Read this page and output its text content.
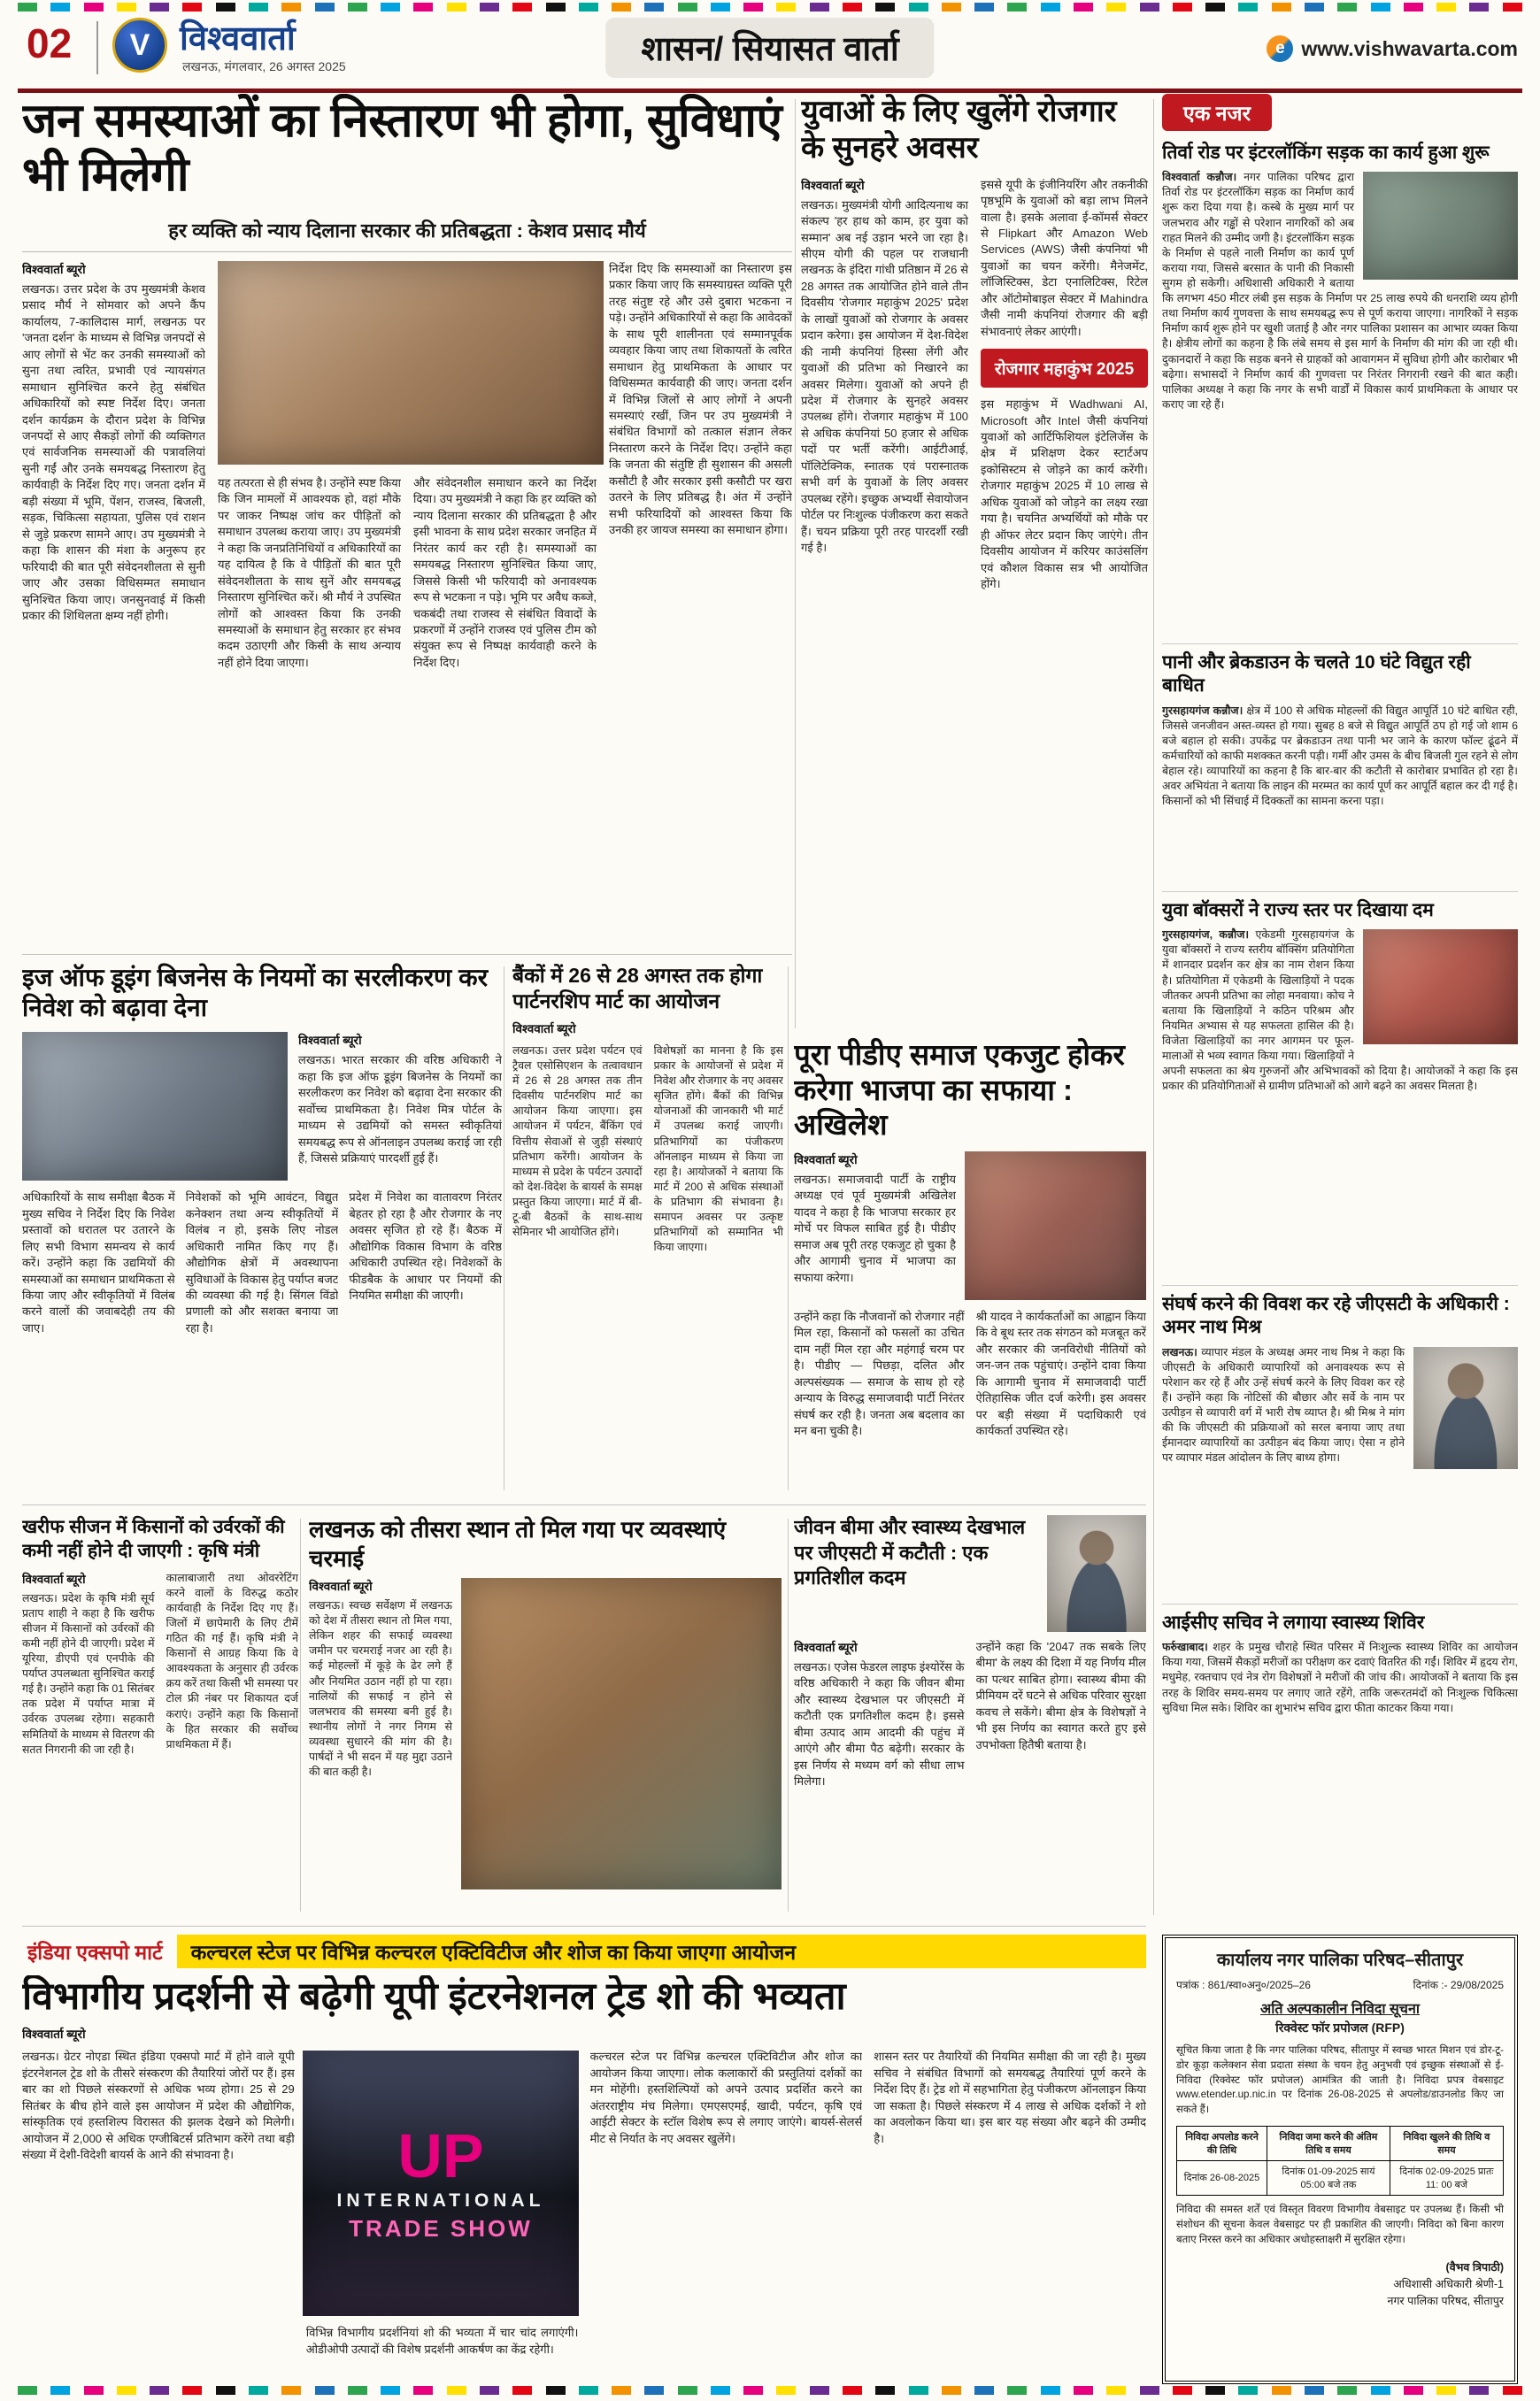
02 V विश्ववार्ता
लखनऊ, मंगलवार, 26 अगस्त 2025	शासन/ सियासत वार्ता	e www.vishwavarta.com
जन समस्याओं का निस्तारण भी होगा, सुविधाएं भी मिलेगी
हर व्यक्ति को न्याय दिलाना सरकार की प्रतिबद्धता : केशव प्रसाद मौर्य
विश्ववार्ता ब्यूरो

लखनऊ। उत्तर प्रदेश के उप मुख्यमंत्री केशव प्रसाद मौर्य ने सोमवार को अपने कैंप कार्यालय, 7-कालिदास मार्ग, लखनऊ पर 'जनता दर्शन' के माध्यम से विभिन्न जनपदों से आए लोगों से भेंट कर उनकी समस्याओं को सुना तथा त्वरित, प्रभावी एवं न्यायसंगत समाधान सुनिश्चित करने हेतु संबंधित अधिकारियों को स्पष्ट निर्देश दिए। जनता दर्शन कार्यक्रम के दौरान प्रदेश के विभिन्न जनपदों से आए सैकड़ों लोगों की व्यक्तिगत एवं सार्वजनिक समस्याओं की पत्रावलियां सुनी गईं और उनके समयबद्ध निस्तारण हेतु कार्यवाही के निर्देश दिए गए। जनता दर्शन में बड़ी संख्या में भूमि, पेंशन, राजस्व, बिजली, सड़क, चिकित्सा सहायता, पुलिस एवं राशन से जुड़े प्रकरण सामने आए। उप मुख्यमंत्री ने कहा कि शासन की मंशा के अनुरूप हर फरियादी की बात पूरी संवेदनशीलता से सुनी जाए और उसका विधिसम्मत समाधान सुनिश्चित किया जाए। जनसुनवाई में किसी प्रकार की शिथिलता क्षम्य नहीं होगी।

यह तत्परता से ही संभव है। उन्होंने स्पष्ट किया कि जिन मामलों में आवश्यक हो, वहां मौके पर जाकर निष्पक्ष जांच कर पीड़ितों को समाधान उपलब्ध कराया जाए। उप मुख्यमंत्री ने कहा कि जनप्रतिनिधियों व अधिकारियों का यह दायित्व है कि वे पीड़ितों की बात पूरी संवेदनशीलता के साथ सुनें और समयबद्ध निस्तारण सुनिश्चित करें। श्री मौर्य ने उपस्थित लोगों को आश्वस्त किया कि उनकी समस्याओं के समाधान हेतु सरकार हर संभव कदम उठाएगी और किसी के साथ अन्याय नहीं होने दिया जाएगा।

और संवेदनशील समाधान करने का निर्देश दिया। उप मुख्यमंत्री ने कहा कि हर व्यक्ति को न्याय दिलाना सरकार की प्रतिबद्धता है और इसी भावना के साथ प्रदेश सरकार जनहित में निरंतर कार्य कर रही है। समस्याओं का समयबद्ध निस्तारण सुनिश्चित किया जाए, जिससे किसी भी फरियादी को अनावश्यक रूप से भटकना न पड़े। भूमि पर अवैध कब्जे, चकबंदी तथा राजस्व से संबंधित विवादों के प्रकरणों में उन्होंने राजस्व एवं पुलिस टीम को संयुक्त रूप से निष्पक्ष कार्यवाही करने के निर्देश दिए।

निर्देश दिए कि समस्याओं का निस्तारण इस प्रकार किया जाए कि समस्याग्रस्त व्यक्ति पूरी तरह संतुष्ट रहे और उसे दुबारा भटकना न पड़े। उन्होंने अधिकारियों से कहा कि आवेदकों के साथ पूरी शालीनता एवं सम्मानपूर्वक व्यवहार किया जाए तथा शिकायतों के त्वरित समाधान हेतु प्राथमिकता के आधार पर विधिसम्मत कार्यवाही की जाए। जनता दर्शन में विभिन्न जिलों से आए लोगों ने अपनी समस्याएं रखीं, जिन पर उप मुख्यमंत्री ने संबंधित विभागों को तत्काल संज्ञान लेकर निस्तारण करने के निर्देश दिए। उन्होंने कहा कि जनता की संतुष्टि ही सुशासन की असली कसौटी है और सरकार इसी कसौटी पर खरा उतरने के लिए प्रतिबद्ध है। अंत में उन्होंने सभी फरियादियों को आश्वस्त किया कि उनकी हर जायज समस्या का समाधान होगा।

युवाओं के लिए खुलेंगे रोजगार के सुनहरे अवसर
विश्ववार्ता ब्यूरो

लखनऊ। मुख्यमंत्री योगी आदित्यनाथ का संकल्प 'हर हाथ को काम, हर युवा को सम्मान' अब नई उड़ान भरने जा रहा है। सीएम योगी की पहल पर राजधानी लखनऊ के इंदिरा गांधी प्रतिष्ठान में 26 से 28 अगस्त तक आयोजित होने वाले तीन दिवसीय 'रोजगार महाकुंभ 2025' प्रदेश के लाखों युवाओं को रोजगार के अवसर प्रदान करेगा। इस आयोजन में देश-विदेश की नामी कंपनियां हिस्सा लेंगी और युवाओं की प्रतिभा को निखारने का अवसर मिलेगा। युवाओं को अपने ही प्रदेश में रोजगार के सुनहरे अवसर उपलब्ध होंगे। रोजगार महाकुंभ में 100 से अधिक कंपनियां 50 हजार से अधिक पदों पर भर्ती करेंगी। आईटीआई, पॉलिटेक्निक, स्नातक एवं परास्नातक सभी वर्ग के युवाओं के लिए अवसर उपलब्ध रहेंगे। इच्छुक अभ्यर्थी सेवायोजन पोर्टल पर निःशुल्क पंजीकरण करा सकते हैं। चयन प्रक्रिया पूरी तरह पारदर्शी रखी गई है।

इससे यूपी के इंजीनियरिंग और तकनीकी पृष्ठभूमि के युवाओं को बड़ा लाभ मिलने वाला है। इसके अलावा ई-कॉमर्स सेक्टर से Flipkart और Amazon Web Services (AWS) जैसी कंपनियां भी युवाओं का चयन करेंगी। मैनेजमेंट, लॉजिस्टिक्स, डेटा एनालिटिक्स, रिटेल और ऑटोमोबाइल सेक्टर में Mahindra जैसी नामी कंपनियां रोजगार की बड़ी संभावनाएं लेकर आएंगी।

रोजगार महाकुंभ 2025

इस महाकुंभ में Wadhwani AI, Microsoft और Intel जैसी कंपनियां युवाओं को आर्टिफिशियल इंटेलिजेंस के क्षेत्र में प्रशिक्षण देकर स्टार्टअप इकोसिस्टम से जोड़ने का कार्य करेंगी। रोजगार महाकुंभ 2025 में 10 लाख से अधिक युवाओं को जोड़ने का लक्ष्य रखा गया है। चयनित अभ्यर्थियों को मौके पर ही ऑफर लेटर प्रदान किए जाएंगे। तीन दिवसीय आयोजन में करियर काउंसलिंग एवं कौशल विकास सत्र भी आयोजित होंगे।

एक नजर
तिर्वा रोड पर इंटरलॉकिंग सड़क का कार्य हुआ शुरू

विश्ववार्ता कन्नौज। नगर पालिका परिषद द्वारा तिर्वा रोड पर इंटरलॉकिंग सड़क का निर्माण कार्य शुरू करा दिया गया है। कस्बे के मुख्य मार्ग पर जलभराव और गड्ढों से परेशान नागरिकों को अब राहत मिलने की उम्मीद जगी है। इंटरलॉकिंग सड़क के निर्माण से पहले नाली निर्माण का कार्य पूर्ण कराया गया, जिससे बरसात के पानी की निकासी सुगम हो सकेगी। अधिशासी अधिकारी ने बताया कि लगभग 450 मीटर लंबी इस सड़क के निर्माण पर 25 लाख रुपये की धनराशि व्यय होगी तथा निर्माण कार्य गुणवत्ता के साथ समयबद्ध रूप से पूर्ण कराया जाएगा। नागरिकों ने सड़क निर्माण कार्य शुरू होने पर खुशी जताई है और नगर पालिका प्रशासन का आभार व्यक्त किया है। क्षेत्रीय लोगों का कहना है कि लंबे समय से इस मार्ग के निर्माण की मांग की जा रही थी। दुकानदारों ने कहा कि सड़क बनने से ग्राहकों को आवागमन में सुविधा होगी और कारोबार भी बढ़ेगा। सभासदों ने निर्माण कार्य की गुणवत्ता पर निरंतर निगरानी रखने की बात कही। पालिका अध्यक्ष ने कहा कि नगर के सभी वार्डों में विकास कार्य प्राथमिकता के आधार पर कराए जा रहे हैं।

पानी और ब्रेकडाउन के चलते 10 घंटे विद्युत रही बाधित

गुरसहायगंज कन्नौज। क्षेत्र में 100 से अधिक मोहल्लों की विद्युत आपूर्ति 10 घंटे बाधित रही, जिससे जनजीवन अस्त-व्यस्त हो गया। सुबह 8 बजे से विद्युत आपूर्ति ठप हो गई जो शाम 6 बजे बहाल हो सकी। उपकेंद्र पर ब्रेकडाउन तथा पानी भर जाने के कारण फॉल्ट ढूंढने में कर्मचारियों को काफी मशक्कत करनी पड़ी। गर्मी और उमस के बीच बिजली गुल रहने से लोग बेहाल रहे। व्यापारियों का कहना है कि बार-बार की कटौती से कारोबार प्रभावित हो रहा है। अवर अभियंता ने बताया कि लाइन की मरम्मत का कार्य पूर्ण कर आपूर्ति बहाल कर दी गई है। किसानों को भी सिंचाई में दिक्कतों का सामना करना पड़ा।

युवा बॉक्सरों ने राज्य स्तर पर दिखाया दम

गुरसहायगंज, कन्नौज। एकेडमी गुरसहायगंज के युवा बॉक्सरों ने राज्य स्तरीय बॉक्सिंग प्रतियोगिता में शानदार प्रदर्शन कर क्षेत्र का नाम रोशन किया है। प्रतियोगिता में एकेडमी के खिलाड़ियों ने पदक जीतकर अपनी प्रतिभा का लोहा मनवाया। कोच ने बताया कि खिलाड़ियों ने कठिन परिश्रम और नियमित अभ्यास से यह सफलता हासिल की है। विजेता खिलाड़ियों का नगर आगमन पर फूल-मालाओं से भव्य स्वागत किया गया। खिलाड़ियों ने अपनी सफलता का श्रेय गुरुजनों और अभिभावकों को दिया है। आयोजकों ने कहा कि इस प्रकार की प्रतियोगिताओं से ग्रामीण प्रतिभाओं को आगे बढ़ने का अवसर मिलता है।

संघर्ष करने की विवश कर रहे जीएसटी के अधिकारी : अमर नाथ मिश्र

लखनऊ। व्यापार मंडल के अध्यक्ष अमर नाथ मिश्र ने कहा कि जीएसटी के अधिकारी व्यापारियों को अनावश्यक रूप से परेशान कर रहे हैं और उन्हें संघर्ष करने के लिए विवश कर रहे हैं। उन्होंने कहा कि नोटिसों की बौछार और सर्वे के नाम पर उत्पीड़न से व्यापारी वर्ग में भारी रोष व्याप्त है। श्री मिश्र ने मांग की कि जीएसटी की प्रक्रियाओं को सरल बनाया जाए तथा ईमानदार व्यापारियों का उत्पीड़न बंद किया जाए। ऐसा न होने पर व्यापार मंडल आंदोलन के लिए बाध्य होगा।

आईसीए सचिव ने लगाया स्वास्थ्य शिविर

फर्रुखाबाद। शहर के प्रमुख चौराहे स्थित परिसर में निःशुल्क स्वास्थ्य शिविर का आयोजन किया गया, जिसमें सैकड़ों मरीजों का परीक्षण कर दवाएं वितरित की गईं। शिविर में हृदय रोग, मधुमेह, रक्तचाप एवं नेत्र रोग विशेषज्ञों ने मरीजों की जांच की। आयोजकों ने बताया कि इस तरह के शिविर समय-समय पर लगाए जाते रहेंगे, ताकि जरूरतमंदों को निःशुल्क चिकित्सा सुविधा मिल सके। शिविर का शुभारंभ सचिव द्वारा फीता काटकर किया गया।

इज ऑफ डूइंग बिजनेस के नियमों का सरलीकरण कर निवेश को बढ़ावा देना
विश्ववार्ता ब्यूरो

लखनऊ। भारत सरकार की वरिष्ठ अधिकारी ने कहा कि इज ऑफ डूइंग बिजनेस के नियमों का सरलीकरण कर निवेश को बढ़ावा देना सरकार की सर्वोच्च प्राथमिकता है। निवेश मित्र पोर्टल के माध्यम से उद्यमियों को समस्त स्वीकृतियां समयबद्ध रूप से ऑनलाइन उपलब्ध कराई जा रही हैं, जिससे प्रक्रियाएं पारदर्शी हुई हैं।

अधिकारियों के साथ समीक्षा बैठक में मुख्य सचिव ने निर्देश दिए कि निवेश प्रस्तावों को धरातल पर उतारने के लिए सभी विभाग समन्वय से कार्य करें। उन्होंने कहा कि उद्यमियों की समस्याओं का समाधान प्राथमिकता से किया जाए और स्वीकृतियों में विलंब करने वालों की जवाबदेही तय की जाए।

निवेशकों को भूमि आवंटन, विद्युत कनेक्शन तथा अन्य स्वीकृतियों में विलंब न हो, इसके लिए नोडल अधिकारी नामित किए गए हैं। औद्योगिक क्षेत्रों में अवस्थापना सुविधाओं के विकास हेतु पर्याप्त बजट की व्यवस्था की गई है। सिंगल विंडो प्रणाली को और सशक्त बनाया जा रहा है।

प्रदेश में निवेश का वातावरण निरंतर बेहतर हो रहा है और रोजगार के नए अवसर सृजित हो रहे हैं। बैठक में औद्योगिक विकास विभाग के वरिष्ठ अधिकारी उपस्थित रहे। निवेशकों के फीडबैक के आधार पर नियमों की नियमित समीक्षा की जाएगी।

बैंकों में 26 से 28 अगस्त तक होगा पार्टनरशिप मार्ट का आयोजन
विश्ववार्ता ब्यूरो

लखनऊ। उत्तर प्रदेश पर्यटन एवं ट्रैवल एसोसिएशन के तत्वावधान में 26 से 28 अगस्त तक तीन दिवसीय पार्टनरशिप मार्ट का आयोजन किया जाएगा। इस आयोजन में पर्यटन, बैंकिंग एवं वित्तीय सेवाओं से जुड़ी संस्थाएं प्रतिभाग करेंगी। आयोजन के माध्यम से प्रदेश के पर्यटन उत्पादों को देश-विदेश के बायर्स के समक्ष प्रस्तुत किया जाएगा। मार्ट में बी-टू-बी बैठकों के साथ-साथ सेमिनार भी आयोजित होंगे।

विशेषज्ञों का मानना है कि इस प्रकार के आयोजनों से प्रदेश में निवेश और रोजगार के नए अवसर सृजित होंगे। बैंकों की विभिन्न योजनाओं की जानकारी भी मार्ट में उपलब्ध कराई जाएगी। प्रतिभागियों का पंजीकरण ऑनलाइन माध्यम से किया जा रहा है। आयोजकों ने बताया कि मार्ट में 200 से अधिक संस्थाओं के प्रतिभाग की संभावना है। समापन अवसर पर उत्कृष्ट प्रतिभागियों को सम्मानित भी किया जाएगा।

पूरा पीडीए समाज एकजुट होकर करेगा भाजपा का सफाया : अखिलेश
विश्ववार्ता ब्यूरो

लखनऊ। समाजवादी पार्टी के राष्ट्रीय अध्यक्ष एवं पूर्व मुख्यमंत्री अखिलेश यादव ने कहा है कि भाजपा सरकार हर मोर्चे पर विफल साबित हुई है। पीडीए समाज अब पूरी तरह एकजुट हो चुका है और आगामी चुनाव में भाजपा का सफाया करेगा।

उन्होंने कहा कि नौजवानों को रोजगार नहीं मिल रहा, किसानों को फसलों का उचित दाम नहीं मिल रहा और महंगाई चरम पर है। पीडीए — पिछड़ा, दलित और अल्पसंख्यक — समाज के साथ हो रहे अन्याय के विरुद्ध समाजवादी पार्टी निरंतर संघर्ष कर रही है। जनता अब बदलाव का मन बना चुकी है।

श्री यादव ने कार्यकर्ताओं का आह्वान किया कि वे बूथ स्तर तक संगठन को मजबूत करें और सरकार की जनविरोधी नीतियों को जन-जन तक पहुंचाएं। उन्होंने दावा किया कि आगामी चुनाव में समाजवादी पार्टी ऐतिहासिक जीत दर्ज करेगी। इस अवसर पर बड़ी संख्या में पदाधिकारी एवं कार्यकर्ता उपस्थित रहे।

खरीफ सीजन में किसानों को उर्वरकों की कमी नहीं होने दी जाएगी : कृषि मंत्री
विश्ववार्ता ब्यूरो

लखनऊ। प्रदेश के कृषि मंत्री सूर्य प्रताप शाही ने कहा है कि खरीफ सीजन में किसानों को उर्वरकों की कमी नहीं होने दी जाएगी। प्रदेश में यूरिया, डीएपी एवं एनपीके की पर्याप्त उपलब्धता सुनिश्चित कराई गई है। उन्होंने कहा कि 01 सितंबर तक प्रदेश में पर्याप्त मात्रा में उर्वरक उपलब्ध रहेगा। सहकारी समितियों के माध्यम से वितरण की सतत निगरानी की जा रही है।

कालाबाजारी तथा ओवररेटिंग करने वालों के विरुद्ध कठोर कार्यवाही के निर्देश दिए गए हैं। जिलों में छापेमारी के लिए टीमें गठित की गई हैं। कृषि मंत्री ने किसानों से आग्रह किया कि वे आवश्यकता के अनुसार ही उर्वरक क्रय करें तथा किसी भी समस्या पर टोल फ्री नंबर पर शिकायत दर्ज कराएं। उन्होंने कहा कि किसानों के हित सरकार की सर्वोच्च प्राथमिकता में हैं।

लखनऊ को तीसरा स्थान तो मिल गया पर व्यवस्थाएं चरमाई
विश्ववार्ता ब्यूरो

लखनऊ। स्वच्छ सर्वेक्षण में लखनऊ को देश में तीसरा स्थान तो मिल गया, लेकिन शहर की सफाई व्यवस्था जमीन पर चरमराई नजर आ रही है। कई मोहल्लों में कूड़े के ढेर लगे हैं और नियमित उठान नहीं हो पा रहा। नालियों की सफाई न होने से जलभराव की समस्या बनी हुई है। स्थानीय लोगों ने नगर निगम से व्यवस्था सुधारने की मांग की है। पार्षदों ने भी सदन में यह मुद्दा उठाने की बात कही है।

जीवन बीमा और स्वास्थ्य देखभाल पर जीएसटी में कटौती : एक प्रगतिशील कदम
विश्ववार्ता ब्यूरो

लखनऊ। एजेस फेडरल लाइफ इंश्योरेंस के वरिष्ठ अधिकारी ने कहा कि जीवन बीमा और स्वास्थ्य देखभाल पर जीएसटी में कटौती एक प्रगतिशील कदम है। इससे बीमा उत्पाद आम आदमी की पहुंच में आएंगे और बीमा पैठ बढ़ेगी। सरकार के इस निर्णय से मध्यम वर्ग को सीधा लाभ मिलेगा।

उन्होंने कहा कि '2047 तक सबके लिए बीमा' के लक्ष्य की दिशा में यह निर्णय मील का पत्थर साबित होगा। स्वास्थ्य बीमा की प्रीमियम दरें घटने से अधिक परिवार सुरक्षा कवच ले सकेंगे। बीमा क्षेत्र के विशेषज्ञों ने भी इस निर्णय का स्वागत करते हुए इसे उपभोक्ता हितैषी बताया है।

इंडिया एक्सपो मार्ट	कल्चरल स्टेज पर विभिन्न कल्चरल एक्टिविटीज और शोज का किया जाएगा आयोजन
विभागीय प्रदर्शनी से बढ़ेगी यूपी इंटरनेशनल ट्रेड शो की भव्यता
विश्ववार्ता ब्यूरो
UP
INTERNATIONAL
TRADE SHOW

लखनऊ। ग्रेटर नोएडा स्थित इंडिया एक्सपो मार्ट में होने वाले यूपी इंटरनेशनल ट्रेड शो के तीसरे संस्करण की तैयारियां जोरों पर हैं। इस बार का शो पिछले संस्करणों से अधिक भव्य होगा। 25 से 29 सितंबर के बीच होने वाले इस आयोजन में प्रदेश की औद्योगिक, सांस्कृतिक एवं हस्तशिल्प विरासत की झलक देखने को मिलेगी। आयोजन में 2,000 से अधिक एग्जीबिटर्स प्रतिभाग करेंगे तथा बड़ी संख्या में देशी-विदेशी बायर्स के आने की संभावना है।

विभिन्न विभागीय प्रदर्शनियां शो की भव्यता में चार चांद लगाएंगी। ओडीओपी उत्पादों की विशेष प्रदर्शनी आकर्षण का केंद्र रहेगी।

कल्चरल स्टेज पर विभिन्न कल्चरल एक्टिविटीज और शोज का आयोजन किया जाएगा। लोक कलाकारों की प्रस्तुतियां दर्शकों का मन मोहेंगी। हस्तशिल्पियों को अपने उत्पाद प्रदर्शित करने का अंतरराष्ट्रीय मंच मिलेगा। एमएसएमई, खादी, पर्यटन, कृषि एवं आईटी सेक्टर के स्टॉल विशेष रूप से लगाए जाएंगे। बायर्स-सेलर्स मीट से निर्यात के नए अवसर खुलेंगे।

शासन स्तर पर तैयारियों की नियमित समीक्षा की जा रही है। मुख्य सचिव ने संबंधित विभागों को समयबद्ध तैयारियां पूर्ण करने के निर्देश दिए हैं। ट्रेड शो में सहभागिता हेतु पंजीकरण ऑनलाइन किया जा सकता है। पिछले संस्करण में 4 लाख से अधिक दर्शकों ने शो का अवलोकन किया था। इस बार यह संख्या और बढ़ने की उम्मीद है।

कार्यालय नगर पालिका परिषद–सीतापुर
पत्रांक : 861/स्वा०अनु०/2025–26	दिनांक :- 29/08/2025
अति अल्पकालीन निविदा सूचना
रिक्वेस्ट फॉर प्रपोजल (RFP)

सूचित किया जाता है कि नगर पालिका परिषद, सीतापुर में स्वच्छ भारत मिशन एवं डोर-टू-डोर कूड़ा कलेक्शन सेवा प्रदाता संस्था के चयन हेतु अनुभवी एवं इच्छुक संस्थाओं से ई-निविदा (रिक्वेस्ट फॉर प्रपोजल) आमंत्रित की जाती है। निविदा प्रपत्र वेबसाइट www.etender.up.nic.in पर दिनांक 26-08-2025 से अपलोड/डाउनलोड किए जा सकते हैं।

निविदा अपलोड करने की तिथि	निविदा जमा करने की अंतिम तिथि व समय	निविदा खुलने की तिथि व समय
दिनांक 26-08-2025	दिनांक 01-09-2025 सायं 05:00 बजे तक	दिनांक 02-09-2025 प्रातः 11: 00 बजे

निविदा की समस्त शर्तें एवं विस्तृत विवरण विभागीय वेबसाइट पर उपलब्ध हैं। किसी भी संशोधन की सूचना केवल वेबसाइट पर ही प्रकाशित की जाएगी। निविदा को बिना कारण बताए निरस्त करने का अधिकार अधोहस्ताक्षरी में सुरक्षित रहेगा।

(वैभव त्रिपाठी)
अधिशासी अधिकारी श्रेणी-1
नगर पालिका परिषद, सीतापुर
